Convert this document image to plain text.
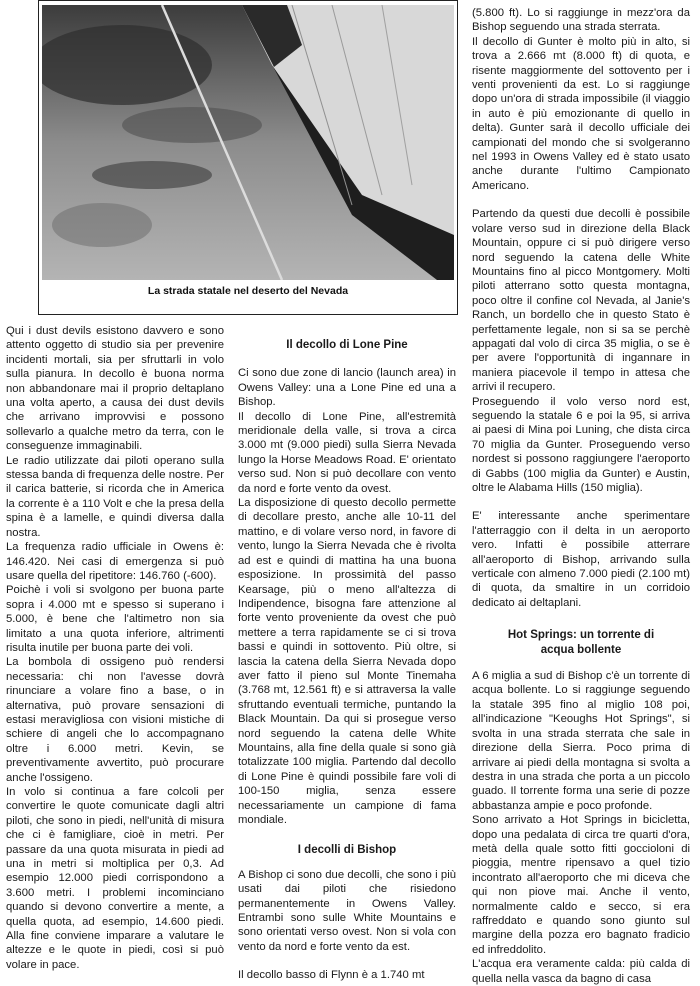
La strada statale nel deserto del Nevada

Qui i dust devils esistono davvero e sono attento oggetto di studio sia per prevenire incidenti mortali, sia per sfruttarli in volo sulla pianura. In decollo è buona norma non abbandonare mai il proprio deltaplano una volta aperto, a causa dei dust devils che arrivano improvvisi e possono sollevarlo a qualche metro da terra, con le conseguenze immaginabili.

Le radio utilizzate dai piloti operano sulla stessa banda di frequenza delle nostre. Per il carica batterie, si ricorda che in America la corrente è a 110 Volt e che la presa della spina è a lamelle, e quindi diversa dalla nostra.

La frequenza radio ufficiale in Owens è: 146.420. Nei casi di emergenza si può usare quella del ripetitore: 146.760 (-600).

Poichè i voli si svolgono per buona parte sopra i 4.000 mt e spesso si superano i 5.000, è bene che l'altimetro non sia limitato a una quota inferiore, altrimenti risulta inutile per buona parte dei voli.

La bombola di ossigeno può rendersi necessaria: chi non l'avesse dovrà rinunciare a volare fino a base, o in alternativa, può provare sensazioni di estasi meravigliosa con visioni mistiche di schiere di angeli che lo accompagnano oltre i 6.000 metri. Kevin, se preventivamente avvertito, può procurare anche l'ossigeno.

In volo si continua a fare colcoli per convertire le quote comunicate dagli altri piloti, che sono in piedi, nell'unità di misura che ci è famigliare, cioè in metri. Per passare da una quota misurata in piedi ad una in metri si moltiplica per 0,3. Ad esempio 12.000 piedi corrispondono a 3.600 metri. I problemi incominciano quando si devono convertire a mente, a quella quota, ad esempio, 14.600 piedi. Alla fine conviene imparare a valutare le altezze e le quote in piedi, così si può volare in pace.

Il decollo di Lone Pine

Ci sono due zone di lancio (launch area) in Owens Valley: una a Lone Pine ed una a Bishop.

Il decollo di Lone Pine, all'estremità meridionale della valle, si trova a circa 3.000 mt (9.000 piedi) sulla Sierra Nevada lungo la Horse Meadows Road. E' orientato verso sud. Non si può decollare con vento da nord e forte vento da ovest.

La disposizione di questo decollo permette di decollare presto, anche alle 10-11 del mattino, e di volare verso nord, in favore di vento, lungo la Sierra Nevada che è rivolta ad est e quindi di mattina ha una buona esposizione. In prossimità del passo Kearsage, più o meno all'altezza di Indipendence, bisogna fare attenzione al forte vento proveniente da ovest che può mettere a terra rapidamente se ci si trova bassi e quindi in sottovento. Più oltre, si lascia la catena della Sierra Nevada dopo aver fatto il pieno sul Monte Tinemaha (3.768 mt, 12.561 ft) e si attraversa la valle sfruttando eventuali termiche, puntando la Black Mountain. Da qui si prosegue verso nord seguendo la catena delle White Mountains, alla fine della quale si sono già totalizzate 100 miglia. Partendo dal decollo di Lone Pine è quindi possibile fare voli di 100-150 miglia, senza essere necessariamente un campione di fama mondiale.

I decolli di Bishop

A Bishop ci sono due decolli, che sono i più usati dai piloti che risiedono permanentemente in Owens Valley. Entrambi sono sulle White Mountains e sono orientati verso ovest. Non si vola con vento da nord e forte vento da est.

Il decollo basso di Flynn è a 1.740 mt

(5.800 ft). Lo si raggiunge in mezz'ora da Bishop seguendo una strada sterrata.

Il decollo di Gunter è molto più in alto, si trova a 2.666 mt (8.000 ft) di quota, e risente maggiormente del sottovento per i venti provenienti da est. Lo si raggiunge dopo un'ora di strada impossibile (il viaggio in auto è più emozionante di quello in delta). Gunter sarà il decollo ufficiale dei campionati del mondo che si svolgeranno nel 1993 in Owens Valley ed è stato usato anche durante l'ultimo Campionato Americano.

Partendo da questi due decolli è possibile volare verso sud in direzione della Black Mountain, oppure ci si può dirigere verso nord seguendo la catena delle White Mountains fino al picco Montgomery. Molti piloti atterrano sotto questa montagna, poco oltre il confine col Nevada, al Janie's Ranch, un bordello che in questo Stato è perfettamente legale, non si sa se perchè appagati dal volo di circa 35 miglia, o se è per avere l'opportunità di ingannare in maniera piacevole il tempo in attesa che arrivi il recupero.

Proseguendo il volo verso nord est, seguendo la statale 6 e poi la 95, si arriva ai paesi di Mina poi Luning, che dista circa 70 miglia da Gunter. Proseguendo verso nordest si possono raggiungere l'aeroporto di Gabbs (100 miglia da Gunter) e Austin, oltre le Alabama Hills (150 miglia).

E' interessante anche sperimentare l'atterraggio con il delta in un aeroporto vero. Infatti è possibile atterrare all'aeroporto di Bishop, arrivando sulla verticale con almeno 7.000 piedi (2.100 mt) di quota, da smaltire in un corridoio dedicato ai deltaplani.

Hot Springs: un torrente di acqua bollente

A 6 miglia a sud di Bishop c'è un torrente di acqua bollente. Lo si raggiunge seguendo la statale 395 fino al miglio 108 poi, all'indicazione "Keoughs Hot Springs", si svolta in una strada sterrata che sale in direzione della Sierra. Poco prima di arrivare ai piedi della montagna si svolta a destra in una strada che porta a un piccolo guado. Il torrente forma una serie di pozze abbastanza ampie e poco profonde.

Sono arrivato a Hot Springs in bicicletta, dopo una pedalata di circa tre quarti d'ora, metà della quale sotto fitti goccioloni di pioggia, mentre ripensavo a quel tizio incontrato all'aeroporto che mi diceva che qui non piove mai. Anche il vento, normalmente caldo e secco, si era raffreddato e quando sono giunto sul margine della pozza ero bagnato fradicio ed infreddolito.

L'acqua era veramente calda: più calda di quella nella vasca da bagno di casa
